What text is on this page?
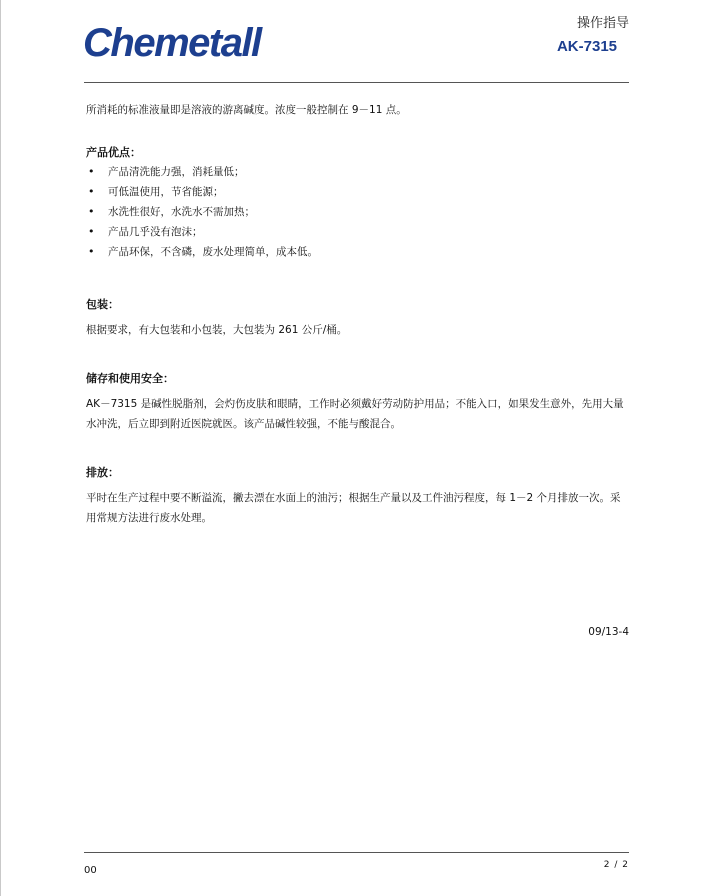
Chemetall	操作指导
AK-7315

所消耗的标准液量即是溶液的游离碱度。浓度一般控制在 9－11 点。

产品优点：
• 产品清洗能力强，消耗量低；
• 可低温使用，节省能源；
• 水洗性很好，水洗水不需加热；
• 产品几乎没有泡沫；
• 产品环保，不含磷，废水处理简单，成本低。
包装：

根据要求，有大包装和小包装，大包装为 261 公斤/桶。

储存和使用安全：

AK－7315 是碱性脱脂剂，会灼伤皮肤和眼睛，工作时必须戴好劳动防护用品；不能入口，如果发生意外，先用大量水冲洗，后立即到附近医院就医。该产品碱性较强，不能与酸混合。

排放：

平时在生产过程中要不断溢流，撇去漂在水面上的油污；根据生产量以及工件油污程度，每 1－2 个月排放一次。采用常规方法进行废水处理。

09/13-4
00	2 / 2
